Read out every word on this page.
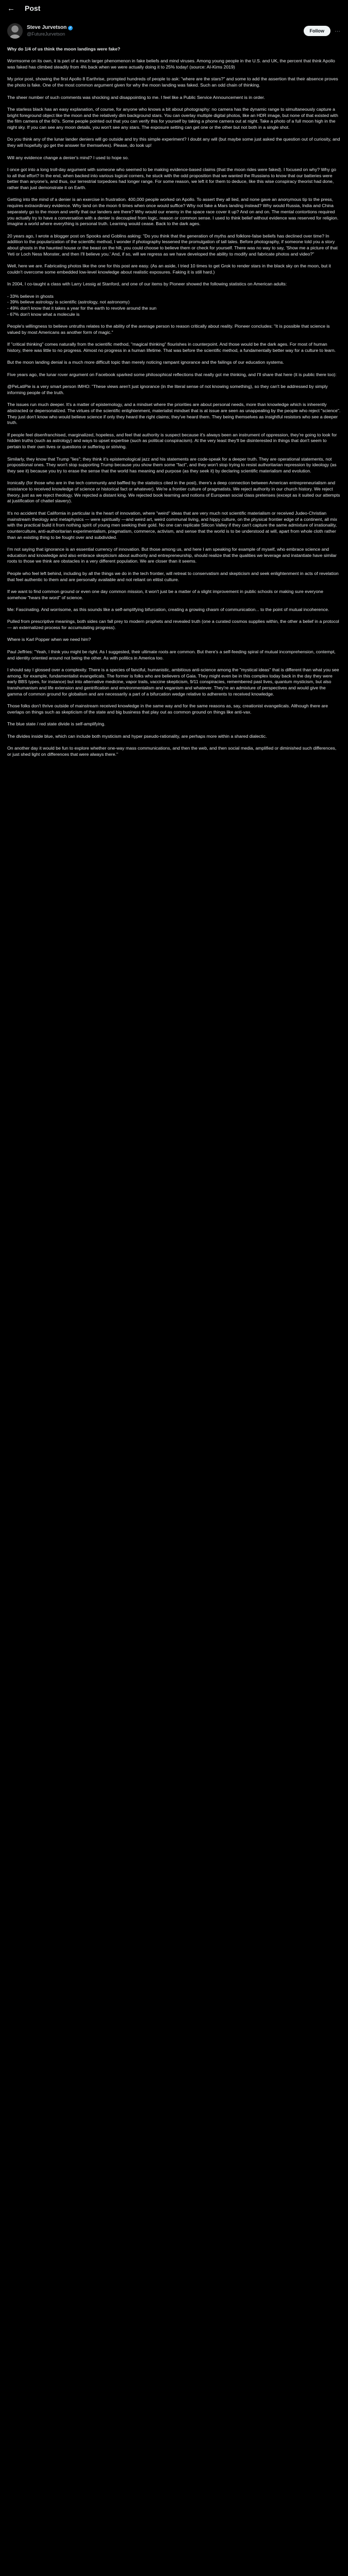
←	Post
Steve Jurvetson ✓
@FutureJurvetson
Follow	⋯

Why do 1/4 of us think the moon landings were fake?

Wormsome on its own, it is part of a much larger phenomenon in fake beliefs and mind viruses. Among young people in the U.S. and UK, the percent that think Apollo was faked has climbed steadily from 4% back when we were actually doing it to 25% today! (source: AI-Kims 2019)

My prior post, showing the first Apollo 8 Earthrise, prompted hundreds of people to ask: "where are the stars?" and some to add the assertion that their absence proves the photo is fake. One of the most common argument given for why the moon landing was faked. Such an odd chain of thinking.

The sheer number of such comments was shocking and disappointing to me. I feel like a Public Service Announcement is in order.

The starless black has an easy explanation, of course, for anyone who knows a bit about photography: no camera has the dynamic range to simultaneously capture a bright foreground object like the moon and the relatively dim background stars. You can overlay multiple digital photos, like an HDR image, but none of that existed with the film camera of the 60's. Some people pointed out that you can verify this for yourself by taking a phone camera out at night. Take a photo of a full moon high in the night sky. If you can see any moon details, you won't see any stars. The exposure setting can get one or the other but not both in a single shot.

Do you think any of the lunar lander deniers will go outside and try this simple experiment? I doubt any will (but maybe some just asked the question out of curiosity, and they will hopefully go get the answer for themselves). Please, do look up!

Will any evidence change a denier's mind? I used to hope so.

I once got into a long troll-day argument with someone who seemed to be making evidence-based claims (that the moon rides were faked). I focused on why? Why go to all that effort? In the end, when backed into various logical corners, he stuck with the odd proposition that we wanted the Russians to know that our batteries were better than anyone's, and thus, our terrestrial torpedoes had longer range. For some reason, we left it for them to deduce, like this wise conspiracy theorist had done, rather than just demonstrate it on Earth.

Getting into the mind of a denier is an exercise in frustration. 400,000 people worked on Apollo. To assert they all lied, and none gave an anonymous tip to the press, requires extraordinary evidence. Why land on the moon 6 times when once would suffice? Why not fake a Mars landing instead? Why would Russia, India and China separately go to the moon and verify that our landers are there? Why would our enemy in the space race cover it up? And on and on. The mental contortions required you actually try to have a conversation with a denier is decoupled from logic, reason or common sense. I used to think belief without evidence was reserved for religion. Imagine a world where everything is personal truth. Learning would cease. Back to the dark ages.

20 years ago, I wrote a blogger post on Spooks and Goblins asking: "Do you think that the generation of myths and folklore-false beliefs has declined over time? In addition to the popularization of the scientific method, I wonder if photography lessened the promulgation of tall tales. Before photography, if someone told you a story about ghosts in the haunted house or the beast on the hill, you could choose to believe them or check for yourself. There was no way to say, 'Show me a picture of that Yeti or Loch Ness Monster, and then I'll believe you.' And, if so, will we regress as we have developed the ability to modify and fabricate photos and video?"

Well, here we are. Fabricating photos like the one for this post are easy. (As an aside, I tried 10 times to get Grok to render stars in the black sky on the moon, but it couldn't overcome some embedded low-level knowledge about realistic exposures. Faking it is still hard.)

In 2004, I co-taught a class with Larry Lessig at Stanford, and one of our items by Pioneer showed the following statistics on American adults:

- 33% believe in ghosts
- 39% believe astrology is scientific (astrology, not astronomy)
- 49% don't know that it takes a year for the earth to revolve around the sun
- 67% don't know what a molecule is

People's willingness to believe untruths relates to the ability of the average person to reason critically about reality. Pioneer concludes: "It is possible that science is valued by most Americans as another form of magic."

If "critical thinking" comes naturally from the scientific method, "magical thinking" flourishes in counterpoint. And those would be the dark ages. For most of human history, there was little to no progress. Almost no progress in a human lifetime. That was before the scientific method, a fundamentally better way for a culture to learn.

But the moon landing denial is a much more difficult topic than merely noticing rampant ignorance and the failings of our education systems.

Five years ago, the lunar rover argument on Facebook sparked some philosophical reflections that really got me thinking, and I'll share that here (it is public there too):

@PeLatiPie is a very smart person IMHO: "These views aren't just ignorance (in the literal sense of not knowing something), so they can't be addressed by simply informing people of the truth.

The issues run much deeper. It's a matter of epistemology, and a mindset where the priorities are about personal needs, more than knowledge which is inherently abstracted or depersonalized. The virtues of the scientific enlightenment, materialist mindset that is at issue are seen as unappealing by the people who reject "science". They just don't know who would believe science if only they heard the right claims; they've heard them. They being themselves as insightful resistors who see a deeper truth.

If people feel disenfranchised, marginalized, hopeless, and feel that authority is suspect because it's always been an instrument of oppression, they're going to look for hidden truths (such as astrology) and ways to upset expertise (such as political conspiracism). At the very least they'll be disinterested in things that don't seem to pertain to their own lives or questions or suffering or striving.

Similarly, they know that Trump "lies"; they think it's epistemological jazz and his statements are code-speak for a deeper truth. They are operational statements, not propositional ones. They won't stop supporting Trump because you show them some "fact", and they won't stop trying to resist authoritarian repression by ideology (as they see it) because you try to erase the sense that the world has meaning and purpose (as they seek it) by declaring scientific materialism and evolution.

Ironically (for those who are in the tech community and baffled by the statistics cited in the post), there's a deep connection between American entrepreneurialism and resistance to received knowledge of science or historical fact or whatever). We're a frontier culture of pragmatists. We reject authority in our church history. We reject theory, just as we reject theology. We rejected a distant king. We rejected book learning and notions of European social class pretenses (except as it suited our attempts at justification of chattel slavery).

It's no accident that California in particular is the heart of innovation, where "weird" ideas that are very much not scientific materialism or received Judeo-Christian mainstream theology and metaphysics — were spiritually —and weird art, weird communal living, and hippy culture, on the physical frontier edge of a continent, all mix with the practical build it from nothing spirit of young men seeking their gold. No one can replicate Silicon Valley if they can't capture the same admixture of irrationality, counterculture, anti-authoritarian experimentalism, pragmatism, commerce, activism, and sense that the world is to be understood at will, apart from whole cloth rather than an existing thing to be fought over and subdivided.

I'm not saying that ignorance is an essential currency of innovation. But those among us, and here I am speaking for example of myself, who embrace science and education and knowledge and also embrace skepticism about authority and entrepreneurship, should realize that the qualities we leverage and instantiate have similar roots to those we think are obstacles in a very different population. We are closer than it seems.

People who feel left behind, including by all the things we do in the tech frontier, will retreat to conservatism and skepticism and seek enlightenment in acts of revelation that feel authentic to them and are personally available and not reliant on elitist culture.

If we want to find common ground or even one day common mission, it won't just be a matter of a slight improvement in public schools or making sure everyone somehow "hears the word" of science.

Me: Fascinating. And worrisome, as this sounds like a self-amplifying bifurcation, creating a growing chasm of communication... to the point of mutual incoherence.

Pulled from prescriptive meanings, both sides can fall prey to modern prophets and revealed truth (one a curated cosmos supplies within, the other a belief in a protocol — an externalized process for accumulating progress).

Where is Karl Popper when we need him?

Paul Jeffries: "Yeah, I think you might be right. As I suggested, their ultimate roots are common. But there's a self-feeding spiral of mutual incomprehension, contempt, and identity oriented around not being the other. As with politics in America too.

I should say I glossed over a complexity. There is a species of fanciful, humanistic, ambitious anti-science among the "mystical ideas" that is different than what you see among, for example, fundamentalist evangelicals. The former is folks who are believers of Gaia. They might even be in this complex today back in the day they were early BBS types, for instance) but into alternative medicine, vapor trails, vaccine skepticism, 9/11 conspiracies, remembered past lives, quantum mysticism, but also transhumanism and life extension and gentrification and environmentalism and veganism and whatever. They're an admixture of perspectives and would give the gamma of common ground for globalism and are necessarily a part of a bifurcation wedge relative to adherents to received knowledge.

Those folks don't thrive outside of mainstream received knowledge in the same way and for the same reasons as, say, creationist evangelicals. Although there are overlaps on things such as skepticism of the state and big business that play out as common ground on things like anti-vax.

The blue state / red state divide is self-amplifying.

The divides inside blue, which can include both mysticism and hyper pseudo-rationality, are perhaps more within a shared dialectic.

On another day it would be fun to explore whether one-way mass communications, and then the web, and then social media, amplified or diminished such differences, or just shed light on differences that were always there."
